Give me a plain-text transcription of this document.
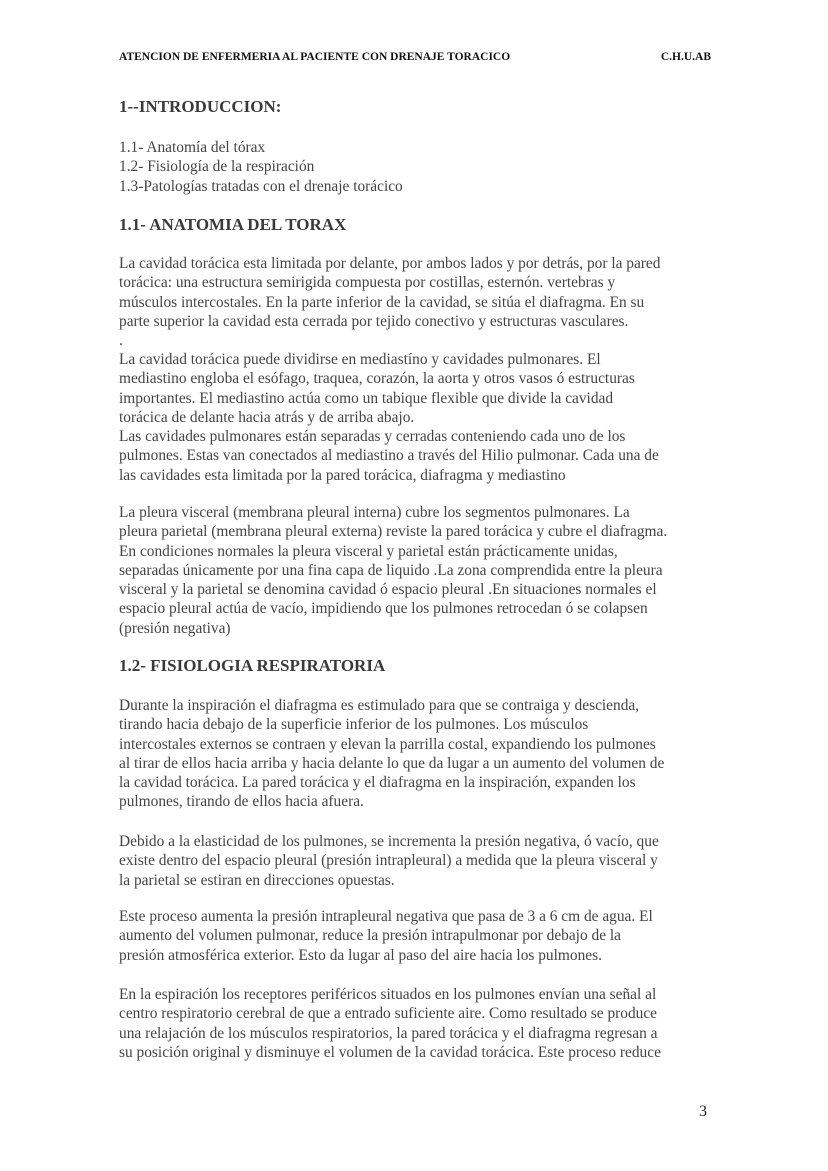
ATENCION DE ENFERMERIA AL PACIENTE CON DRENAJE TORACICO	C.H.U.AB
1--INTRODUCCION:
1.1- Anatomía del tórax
1.2- Fisiología de la respiración
1.3-Patologías tratadas con el drenaje torácico
1.1- ANATOMIA DEL TORAX
La cavidad torácica esta limitada por delante, por ambos lados y por detrás, por la pared
torácica: una estructura semirigida compuesta por costillas, esternón. vertebras y
músculos intercostales. En la parte inferior de la cavidad, se sitúa el diafragma. En su
parte superior la cavidad esta cerrada por tejido conectivo y estructuras vasculares.
.
La cavidad torácica puede dividirse en mediastíno y cavidades pulmonares. El
mediastino engloba el esófago, traquea, corazón, la aorta y otros vasos ó estructuras
importantes. El mediastino actúa como un tabique flexible que divide la cavidad
torácica de delante hacia atrás y de arriba abajo.
Las cavidades pulmonares están separadas y cerradas conteniendo cada uno de los
pulmones. Estas van conectados al mediastino a través del Hilio pulmonar. Cada una de
las cavidades esta limitada por la pared torácica, diafragma y mediastino
La pleura visceral (membrana pleural interna) cubre los segmentos pulmonares. La
pleura parietal (membrana pleural externa) reviste la pared torácica y cubre el diafragma.
En condiciones normales la pleura visceral y parietal están prácticamente unidas,
separadas únicamente por una fina capa de liquido .La zona comprendida entre la pleura
visceral y la parietal se denomina cavidad ó espacio pleural .En situaciones normales el
espacio pleural actúa de vacío, impidiendo que los pulmones retrocedan ó se colapsen
(presión negativa)
1.2- FISIOLOGIA RESPIRATORIA
Durante la inspiración el diafragma es estimulado para que se contraiga y descienda,
tirando hacia debajo de la superficie inferior de los pulmones. Los músculos
intercostales externos se contraen y elevan la parrilla costal, expandiendo los pulmones
al tirar de ellos hacia arriba y hacia delante lo que da lugar a un aumento del volumen de
la cavidad torácica. La pared torácica y el diafragma en la inspiración, expanden los
pulmones, tirando de ellos hacia afuera.
Debido a la elasticidad de los pulmones, se incrementa la presión negativa, ó vacío, que
existe dentro del espacio pleural (presión intrapleural) a medida que la pleura visceral y
la parietal se estiran en direcciones opuestas.
Este proceso aumenta la presión intrapleural negativa que pasa de 3 a 6 cm de agua. El
aumento del volumen pulmonar, reduce la presión intrapulmonar por debajo de la
presión atmosférica exterior. Esto da lugar al paso del aire hacia los pulmones.
En la espiración los receptores periféricos situados en los pulmones envían una señal al
centro respiratorio cerebral de que a entrado suficiente aire. Como resultado se produce
una relajación de los músculos respiratorios, la pared torácica y el diafragma regresan a
su posición original y disminuye el volumen de la cavidad torácica. Este proceso reduce
3
